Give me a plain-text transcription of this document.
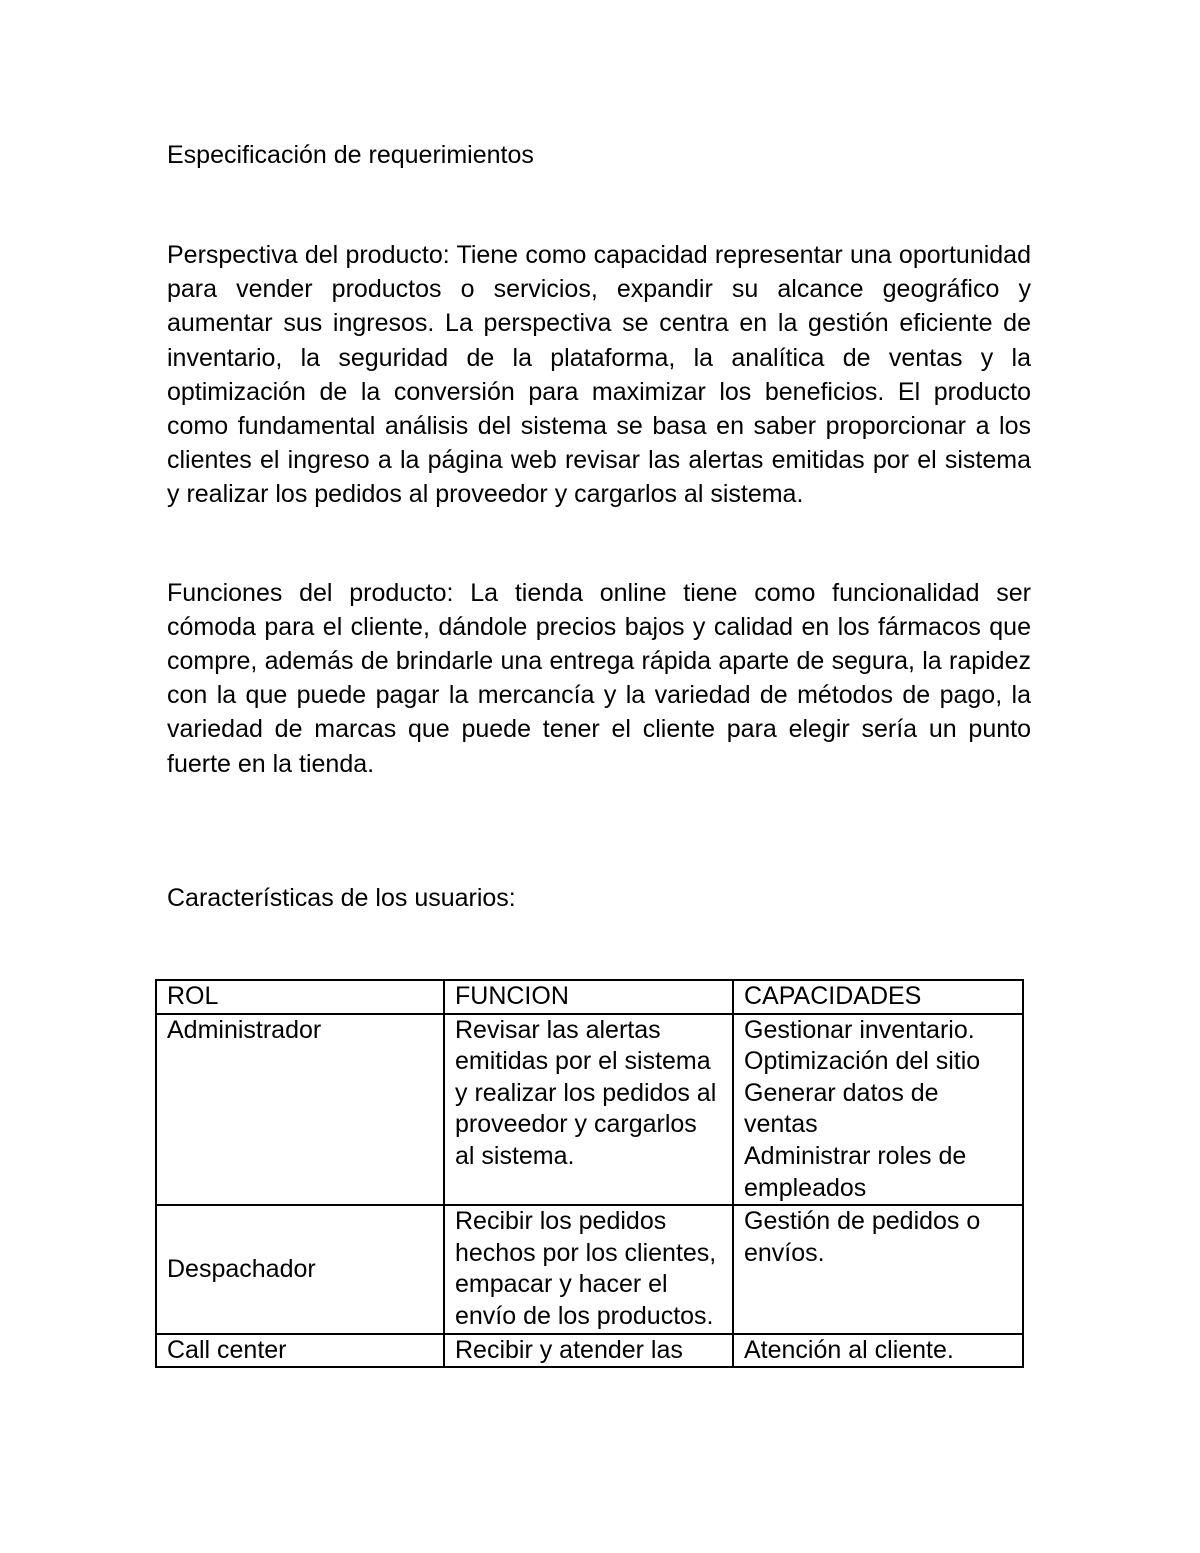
Especificación de requerimientos

Perspectiva del producto: Tiene como capacidad representar una oportunidad para vender productos o servicios, expandir su alcance geográfico y aumentar sus ingresos. La perspectiva se centra en la gestión eficiente de inventario, la seguridad de la plataforma, la analítica de ventas y la optimización de la conversión para maximizar los beneficios. El producto como fundamental análisis del sistema se basa en saber proporcionar a los clientes el ingreso a la página web revisar las alertas emitidas por el sistema y realizar los pedidos al proveedor y cargarlos al sistema.

Funciones del producto: La tienda online tiene como funcionalidad ser cómoda para el cliente, dándole precios bajos y calidad en los fármacos que compre, además de brindarle una entrega rápida aparte de segura, la rapidez con la que puede pagar la mercancía y la variedad de métodos de pago, la variedad de marcas que puede tener el cliente para elegir sería un punto fuerte en la tienda.

Características de los usuarios:

ROL	FUNCION	CAPACIDADES
Administrador	Revisar las alertas emitidas por el sistema y realizar los pedidos al proveedor y cargarlos al sistema.	Gestionar inventario.
Optimización del sitio
Generar datos de ventas
Administrar roles de empleados

Despachador	Recibir los pedidos hechos por los clientes, empacar y hacer el envío de los productos.	Gestión de pedidos o envíos.

Call center	Recibir y atender las	Atención al cliente.
